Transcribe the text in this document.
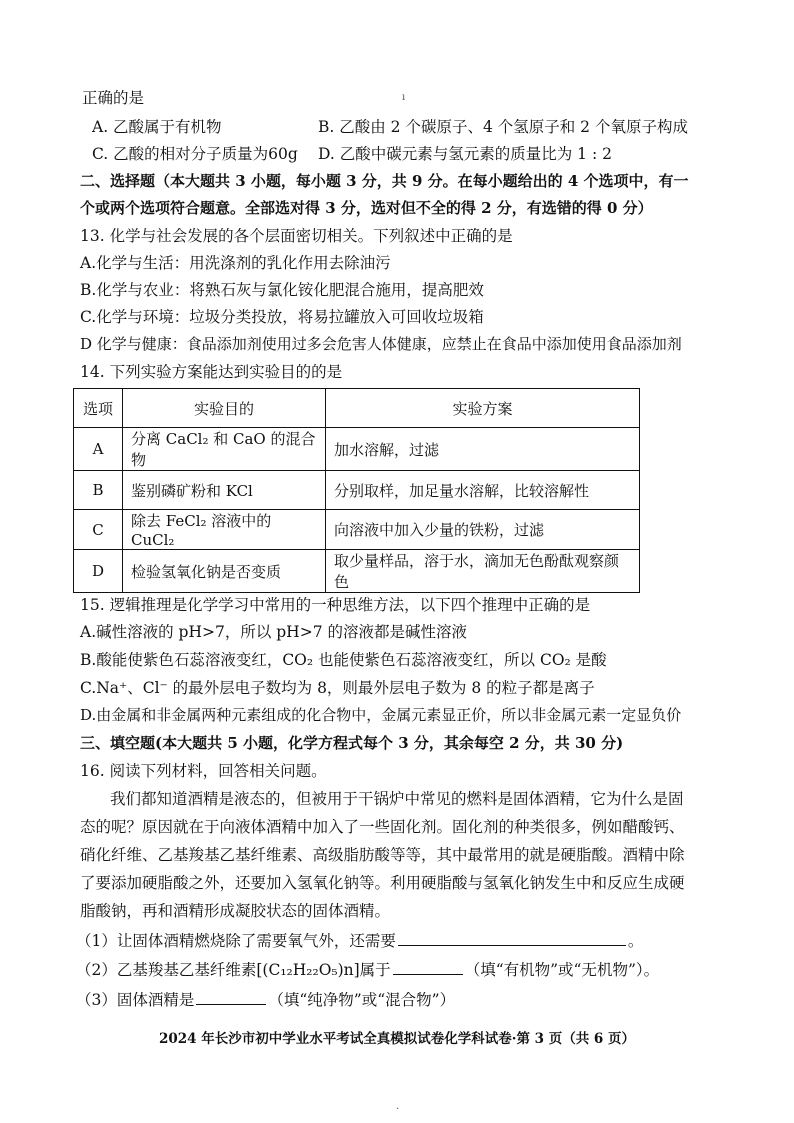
ı
正确的是
A. 乙酸属于有机物	B. 乙酸由 2 个碳原子、4 个氢原子和 2 个氧原子构成
C. 乙酸的相对分子质量为60g D. 乙酸中碳元素与氢元素的质量比为 1 : 2
二、选择题（本大题共 3 小题，每小题 3 分，共 9 分。在每小题给出的 4 个选项中，有一
个或两个选项符合题意。全部选对得 3 分，选对但不全的得 2 分，有选错的得 0 分）
13. 化学与社会发展的各个层面密切相关。下列叙述中正确的是
A.化学与生活：用洗涤剂的乳化作用去除油污
B.化学与农业：将熟石灰与氯化铵化肥混合施用，提高肥效
C.化学与环境：垃圾分类投放，将易拉罐放入可回收垃圾箱
D 化学与健康：食品添加剂使用过多会危害人体健康，应禁止在食品中添加使用食品添加剂
14. 下列实验方案能达到实验目的的是
选项	实验目的	实验方案
A	分离 CaCl₂ 和 CaO 的混合物	加水溶解，过滤
B	鉴别磷矿粉和 KCl	分别取样，加足量水溶解，比较溶解性
C	除去 FeCl₂ 溶液中的 CuCl₂	向溶液中加入少量的铁粉，过滤
D	检验氢氧化钠是否变质	取少量样品，溶于水，滴加无色酚酞观察颜色
15. 逻辑推理是化学学习中常用的一种思维方法，以下四个推理中正确的是
A.碱性溶液的 pH>7，所以 pH>7 的溶液都是碱性溶液
B.酸能使紫色石蕊溶液变红，CO₂ 也能使紫色石蕊溶液变红，所以 CO₂ 是酸
C.Na⁺、Cl⁻ 的最外层电子数均为 8，则最外层电子数为 8 的粒子都是离子
D.由金属和非金属两种元素组成的化合物中，金属元素显正价，所以非金属元素一定显负价
三、填空题(本大题共 5 小题，化学方程式每个 3 分，其余每空 2 分，共 30 分)
16. 阅读下列材料，回答相关问题。
我们都知道酒精是液态的，但被用于干锅炉中常见的燃料是固体酒精，它为什么是固
态的呢？原因就在于向液体酒精中加入了一些固化剂。固化剂的种类很多，例如醋酸钙、
硝化纤维、乙基羧基乙基纤维素、高级脂肪酸等等，其中最常用的就是硬脂酸。酒精中除
了要添加硬脂酸之外，还要加入氢氧化钠等。利用硬脂酸与氢氧化钠发生中和反应生成硬
脂酸钠，再和酒精形成凝胶状态的固体酒精。
（1）让固体酒精燃烧除了需要氧气外，还需要	。
（2）乙基羧基乙基纤维素[(C₁₂H₂₂O₅)n]属于	（填“有机物”或“无机物”）。
（3）固体酒精是	（填“纯净物”或“混合物”）
2024 年长沙市初中学业水平考试全真模拟试卷化学科试卷·第 3 页（共 6 页）
·
